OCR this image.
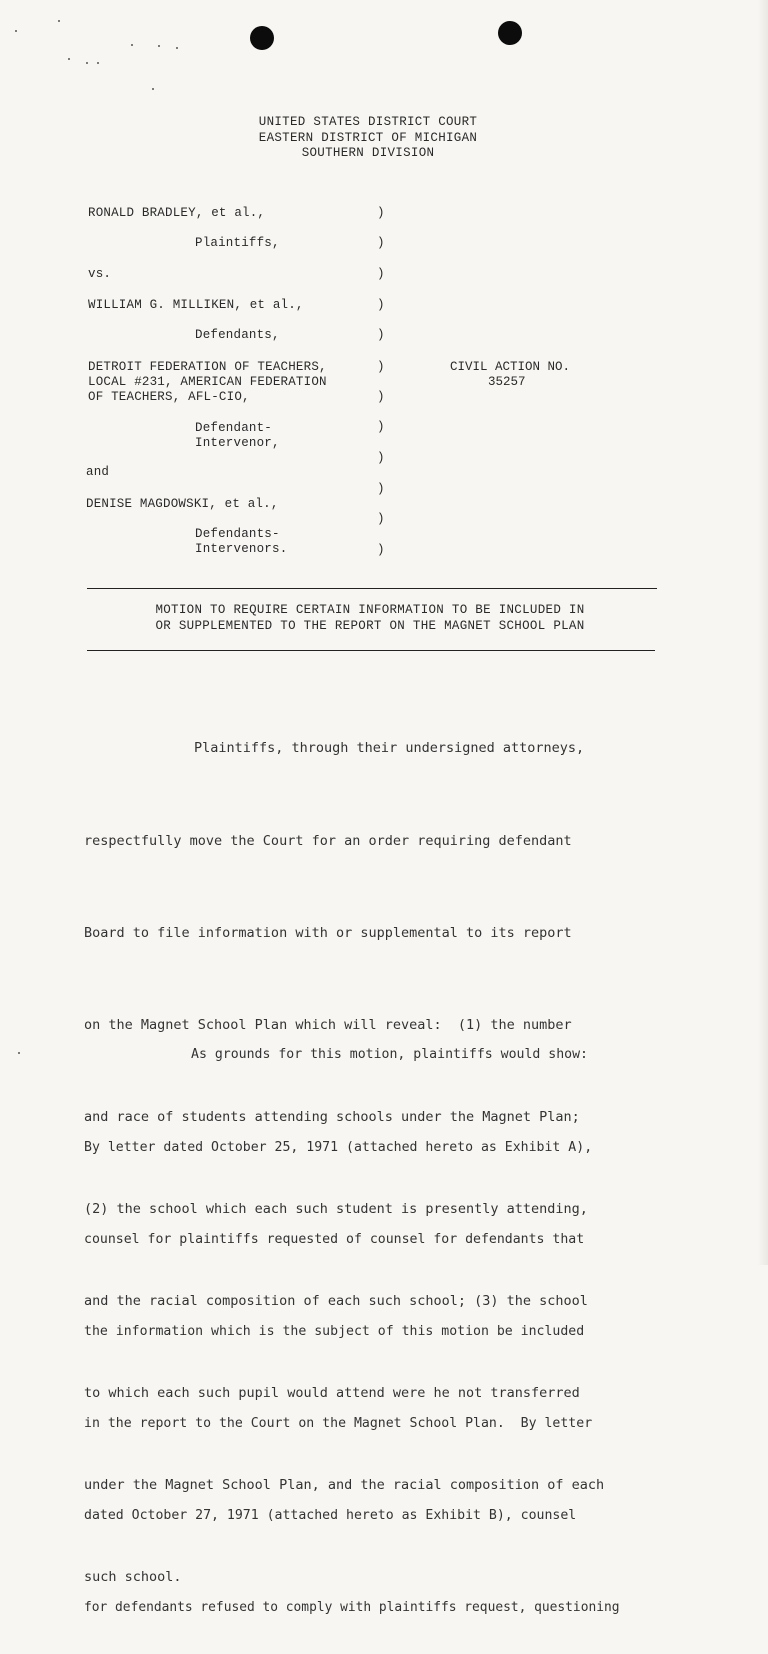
UNITED STATES DISTRICT COURT
EASTERN DISTRICT OF MICHIGAN
SOUTHERN DIVISION
RONALD BRADLEY, et al.,
Plaintiffs,
vs.
WILLIAM G. MILLIKEN, et al.,
Defendants,
DETROIT FEDERATION OF TEACHERS,
LOCAL #231, AMERICAN FEDERATION
OF TEACHERS, AFL-CIO,
Defendant-
Intervenor,
and
DENISE MAGDOWSKI, et al.,
Defendants-
Intervenors.
)
)
)
)
)
)
)
)
)
)
)
)
CIVIL ACTION NO.
35257
MOTION TO REQUIRE CERTAIN INFORMATION TO BE INCLUDED IN
OR SUPPLEMENTED TO THE REPORT ON THE MAGNET SCHOOL PLAN

Plaintiffs, through their undersigned attorneys,

respectfully move the Court for an order requiring defendant

Board to file information with or supplemental to its report

on the Magnet School Plan which will reveal:  (1) the number

and race of students attending schools under the Magnet Plan;

(2) the school which each such student is presently attending,

and the racial composition of each such school; (3) the school

to which each such pupil would attend were he not transferred

under the Magnet School Plan, and the racial composition of each

such school.

As grounds for this motion, plaintiffs would show:

By letter dated October 25, 1971 (attached hereto as Exhibit A),

counsel for plaintiffs requested of counsel for defendants that

the information which is the subject of this motion be included

in the report to the Court on the Magnet School Plan.  By letter

dated October 27, 1971 (attached hereto as Exhibit B), counsel

for defendants refused to comply with plaintiffs request, questioning
